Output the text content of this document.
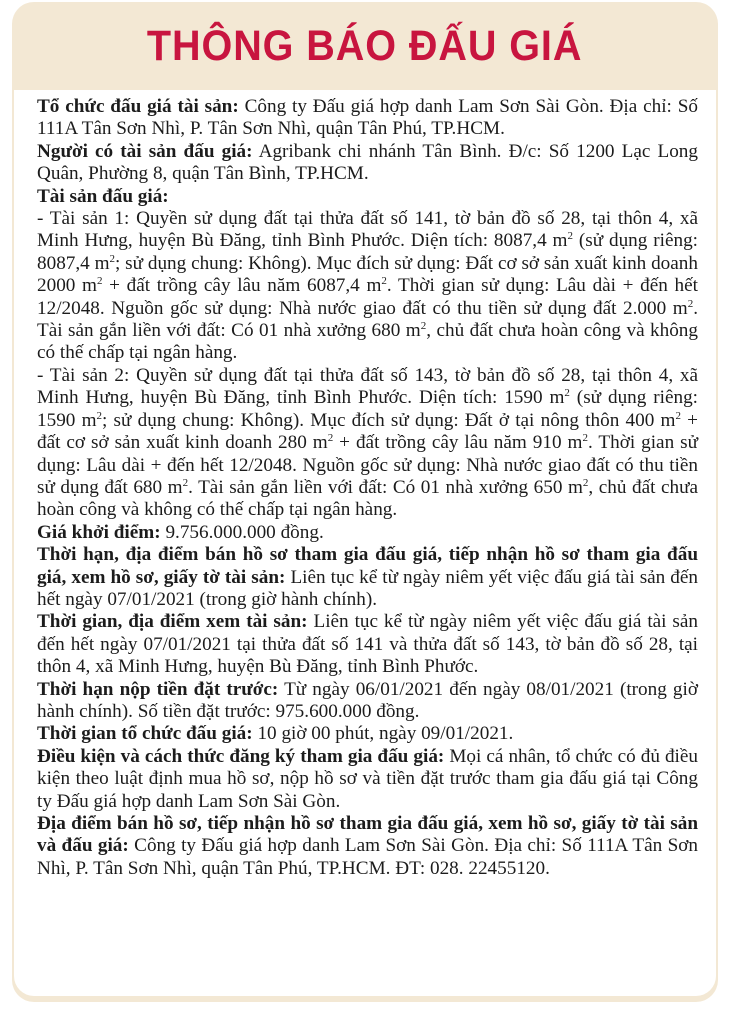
THÔNG BÁO ĐẤU GIÁ

Tổ chức đấu giá tài sản: Công ty Đấu giá hợp danh Lam Sơn Sài Gòn. Địa chỉ: Số 111A Tân Sơn Nhì, P. Tân Sơn Nhì, quận Tân Phú, TP.HCM.

Người có tài sản đấu giá: Agribank chi nhánh Tân Bình. Đ/c: Số 1200 Lạc Long Quân, Phường 8, quận Tân Bình, TP.HCM.

Tài sản đấu giá:

- Tài sản 1: Quyền sử dụng đất tại thửa đất số 141, tờ bản đồ số 28, tại thôn 4, xã Minh Hưng, huyện Bù Đăng, tỉnh Bình Phước. Diện tích: 8087,4 $m^2$ (sử dụng riêng: 8087,4 $m^2$; sử dụng chung: Không). Mục đích sử dụng: Đất cơ sở sản xuất kinh doanh 2000 $m^2$ + đất trồng cây lâu năm 6087,4 $m^2$. Thời gian sử dụng: Lâu dài + đến hết 12/2048. Nguồn gốc sử dụng: Nhà nước giao đất có thu tiền sử dụng đất 2.000 $m^2$. Tài sản gắn liền với đất: Có 01 nhà xưởng 680 $m^2$, chủ đất chưa hoàn công và không có thế chấp tại ngân hàng.

- Tài sản 2: Quyền sử dụng đất tại thửa đất số 143, tờ bản đồ số 28, tại thôn 4, xã Minh Hưng, huyện Bù Đăng, tỉnh Bình Phước. Diện tích: 1590 $m^2$ (sử dụng riêng: 1590 $m^2$; sử dụng chung: Không). Mục đích sử dụng: Đất ở tại nông thôn 400 $m^2$ + đất cơ sở sản xuất kinh doanh 280 $m^2$ + đất trồng cây lâu năm 910 $m^2$. Thời gian sử dụng: Lâu dài + đến hết 12/2048. Nguồn gốc sử dụng: Nhà nước giao đất có thu tiền sử dụng đất 680 $m^2$. Tài sản gắn liền với đất: Có 01 nhà xưởng 650 $m^2$, chủ đất chưa hoàn công và không có thế chấp tại ngân hàng.

Giá khởi điểm: 9.756.000.000 đồng.

Thời hạn, địa điểm bán hồ sơ tham gia đấu giá, tiếp nhận hồ sơ tham gia đấu giá, xem hồ sơ, giấy tờ tài sản: Liên tục kể từ ngày niêm yết việc đấu giá tài sản đến hết ngày 07/01/2021 (trong giờ hành chính).

Thời gian, địa điểm xem tài sản: Liên tục kể từ ngày niêm yết việc đấu giá tài sản đến hết ngày 07/01/2021 tại thửa đất số 141 và thửa đất số 143, tờ bản đồ số 28, tại thôn 4, xã Minh Hưng, huyện Bù Đăng, tỉnh Bình Phước.

Thời hạn nộp tiền đặt trước: Từ ngày 06/01/2021 đến ngày 08/01/2021 (trong giờ hành chính). Số tiền đặt trước: 975.600.000 đồng.

Thời gian tổ chức đấu giá: 10 giờ 00 phút, ngày 09/01/2021.

Điều kiện và cách thức đăng ký tham gia đấu giá: Mọi cá nhân, tổ chức có đủ điều kiện theo luật định mua hồ sơ, nộp hồ sơ và tiền đặt trước tham gia đấu giá tại Công ty Đấu giá hợp danh Lam Sơn Sài Gòn.

Địa điểm bán hồ sơ, tiếp nhận hồ sơ tham gia đấu giá, xem hồ sơ, giấy tờ tài sản và đấu giá: Công ty Đấu giá hợp danh Lam Sơn Sài Gòn. Địa chỉ: Số 111A Tân Sơn Nhì, P. Tân Sơn Nhì, quận Tân Phú, TP.HCM. ĐT: 028. 22455120.
